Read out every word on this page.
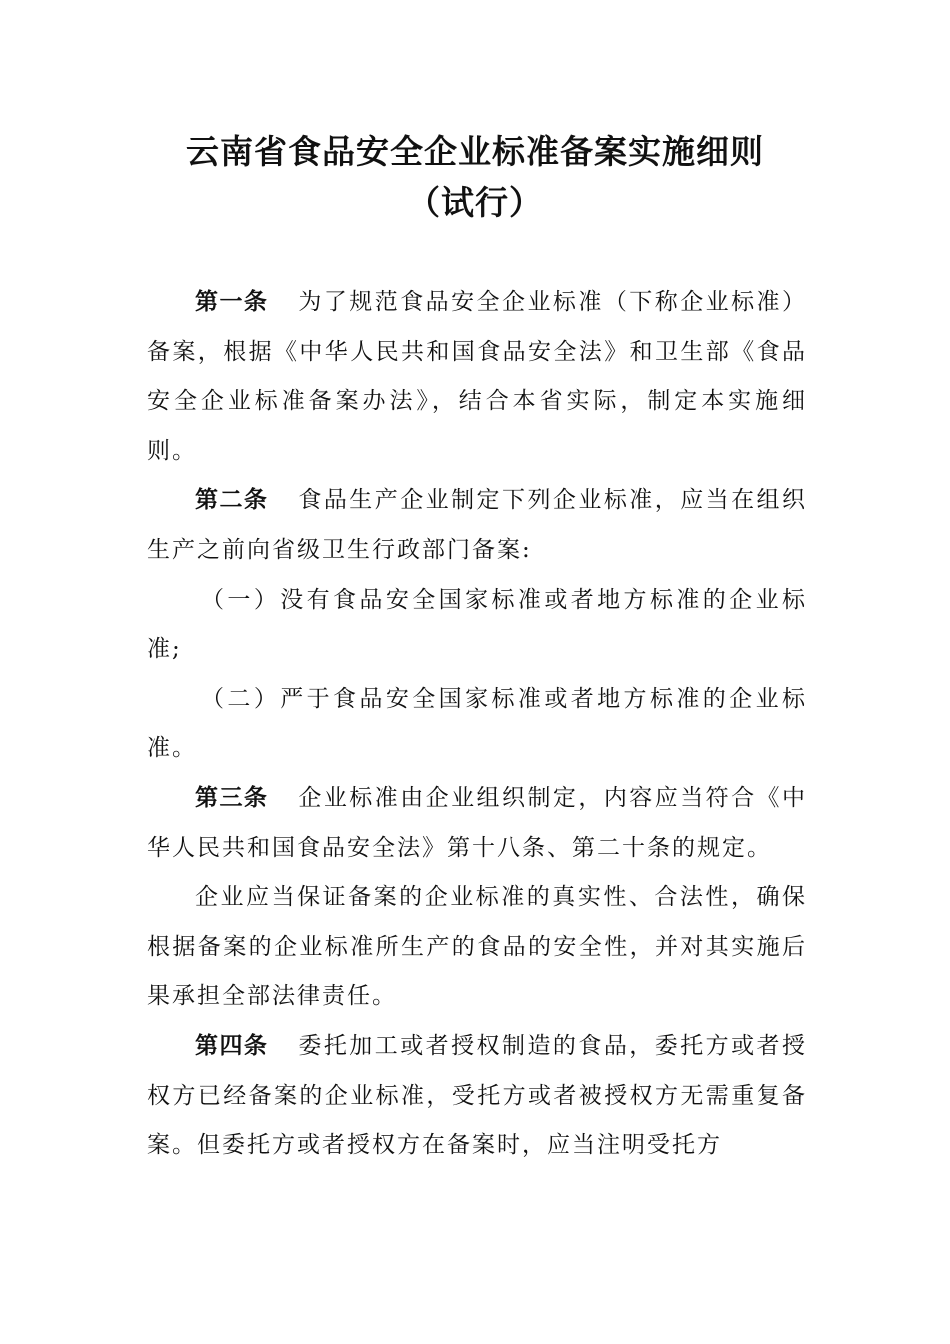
云南省食品安全企业标准备案实施细则
（试行）

第一条 为了规范食品安全企业标准（下称企业标准）备案，根据《中华人民共和国食品安全法》和卫生部《食品安全企业标准备案办法》，结合本省实际，制定本实施细则。

第二条 食品生产企业制定下列企业标准，应当在组织生产之前向省级卫生行政部门备案:

（一）没有食品安全国家标准或者地方标准的企业标准;

（二）严于食品安全国家标准或者地方标准的企业标准。

第三条 企业标准由企业组织制定，内容应当符合《中华人民共和国食品安全法》第十八条、第二十条的规定。

企业应当保证备案的企业标准的真实性、合法性，确保根据备案的企业标准所生产的食品的安全性，并对其实施后果承担全部法律责任。

第四条 委托加工或者授权制造的食品，委托方或者授权方已经备案的企业标准，受托方或者被授权方无需重复备案。但委托方或者授权方在备案时，应当注明受托方
